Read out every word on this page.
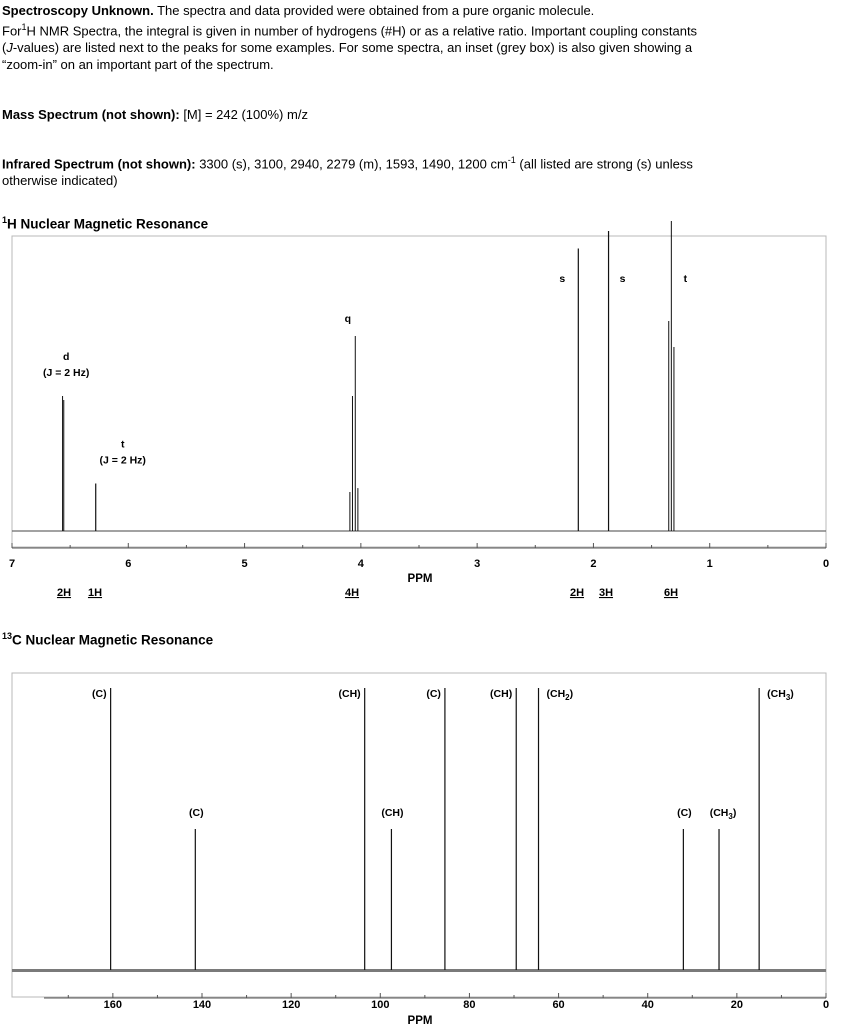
Spectroscopy Unknown. The spectra and data provided were obtained from a pure organic molecule.
For$^1$H NMR Spectra, the integral is given in number of hydrogens (#H) or as a relative ratio. Important coupling constants
(J-values) are listed next to the peaks for some examples. For some spectra, an inset (grey box) is also given showing a
“zoom-in” on an important part of the spectrum.
Mass Spectrum (not shown): [M] = 242 (100%) m/z
Infrared Spectrum (not shown): 3300 (s), 3100, 2940, 2279 (m), 1593, 1490, 1200 $cm^{-1}$ (all listed are strong (s) unless
otherwise indicated)
$^1$H Nuclear Magnetic Resonance
7	6	5	4	3	2	1	0
PPM
d
(J = 2 Hz)
t
(J = 2 Hz)
q
s	s	t
2H 1H	4H	2H 3H	6H
$^{13}$C Nuclear Magnetic Resonance
160	140	120	100	80	60	40	20	0
PPM
(C)
(C)
(CH)
(CH)
(C)	(CH)	$(CH_2)$
(C) $(CH_3)$
$(CH_3)$
